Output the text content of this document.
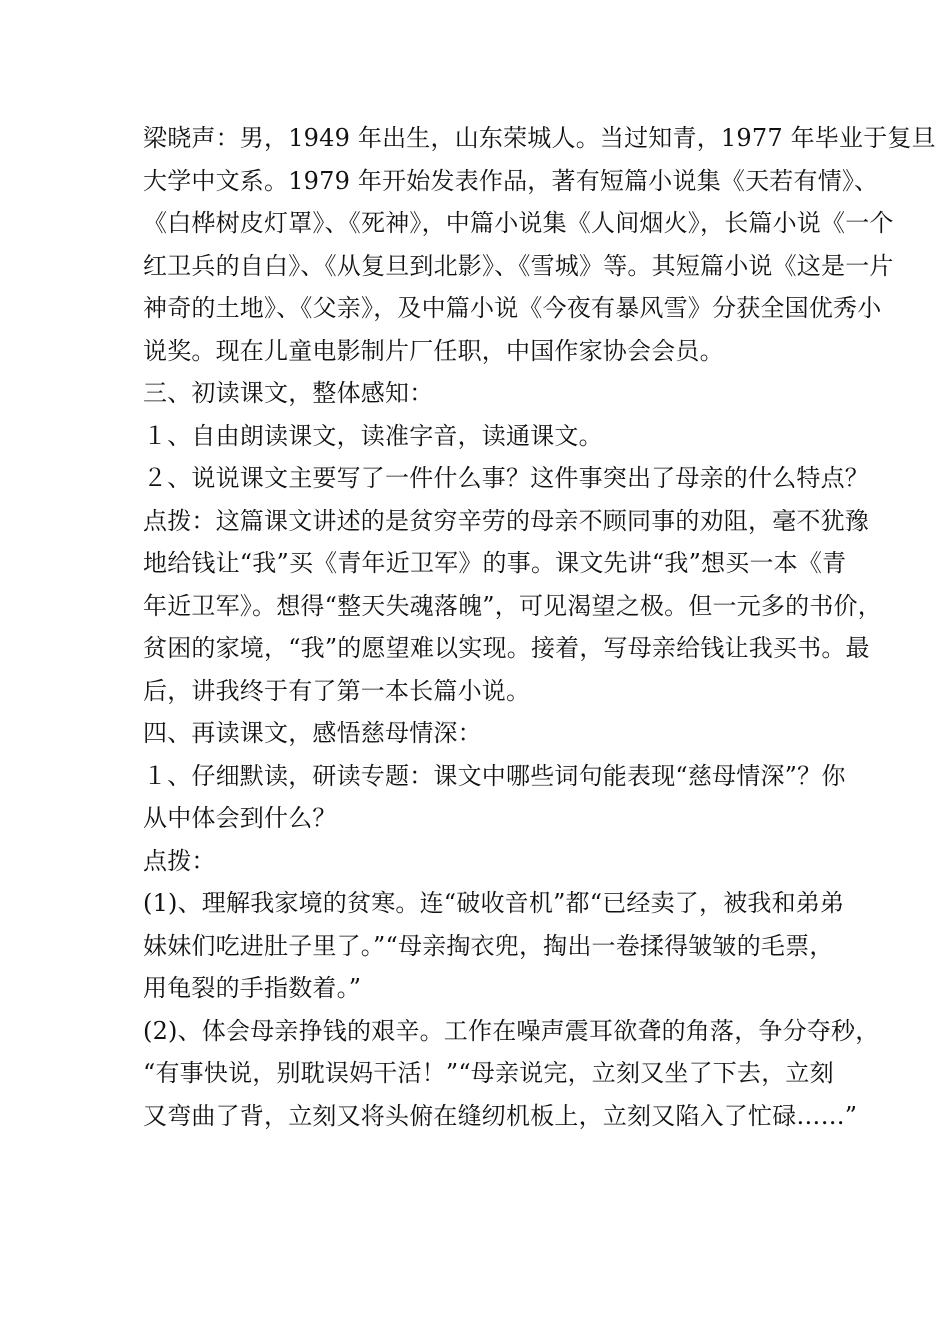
梁晓声：男，1949 年出生，山东荣城人。当过知青，1977 年毕业于复旦
大学中文系。1979 年开始发表作品，著有短篇小说集《天若有情》、
《白桦树皮灯罩》、《死神》，中篇小说集《人间烟火》，长篇小说《一个
红卫兵的自白》、《从复旦到北影》、《雪城》等。其短篇小说《这是一片
神奇的土地》、《父亲》，及中篇小说《今夜有暴风雪》分获全国优秀小
说奖。现在儿童电影制片厂任职，中国作家协会会员。
三、初读课文，整体感知：
１、自由朗读课文，读准字音，读通课文。
２、说说课文主要写了一件什么事？这件事突出了母亲的什么特点？
点拨：这篇课文讲述的是贫穷辛劳的母亲不顾同事的劝阻，毫不犹豫
地给钱让“我”买《青年近卫军》的事。课文先讲“我”想买一本《青
年近卫军》。想得“整天失魂落魄”，可见渴望之极。但一元多的书价，
贫困的家境，“我”的愿望难以实现。接着，写母亲给钱让我买书。最
后，讲我终于有了第一本长篇小说。
四、再读课文，感悟慈母情深：
１、仔细默读，研读专题：课文中哪些词句能表现“慈母情深”？你
从中体会到什么？
点拨：
(1)、理解我家境的贫寒。连“破收音机”都“已经卖了，被我和弟弟
妹妹们吃进肚子里了。”“母亲掏衣兜，掏出一卷揉得皱皱的毛票，
用龟裂的手指数着。”
(2)、体会母亲挣钱的艰辛。工作在噪声震耳欲聋的角落，争分夺秒，
“有事快说，别耽误妈干活！”“母亲说完，立刻又坐了下去，立刻
又弯曲了背，立刻又将头俯在缝纫机板上，立刻又陷入了忙碌……”
